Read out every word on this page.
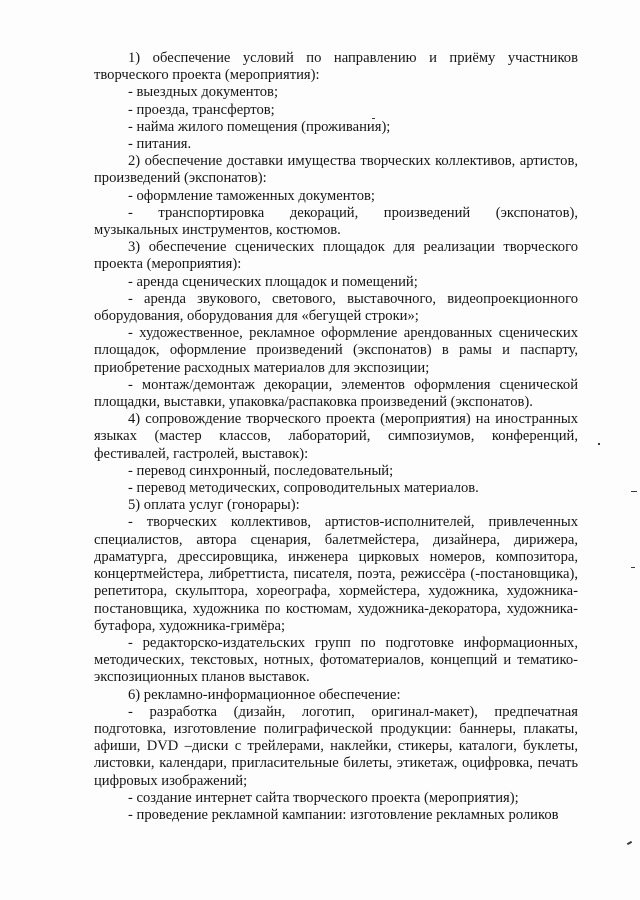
1) обеспечение условий по направлению и приёму участников творческого проекта (мероприятия):

- выездных документов;

- проезда, трансфертов;

- найма жилого помещения (проживания);

- питания.

2) обеспечение доставки имущества творческих коллективов, артистов, произведений (экспонатов):

- оформление таможенных документов;

- транспортировка декораций, произведений (экспонатов), музыкальных инструментов, костюмов.

3) обеспечение сценических площадок для реализации творческого проекта (мероприятия):

- аренда сценических площадок и помещений;

- аренда звукового, светового, выставочного, видеопроекционного оборудования, оборудования для «бегущей строки»;

- художественное, рекламное оформление арендованных сценических площадок, оформление произведений (экспонатов) в рамы и паспарту, приобретение расходных материалов для экспозиции;

- монтаж/демонтаж декорации, элементов оформления сценической площадки, выставки, упаковка/распаковка произведений (экспонатов).

4) сопровождение творческого проекта (мероприятия) на иностранных языках (мастер классов, лабораторий, симпозиумов, конференций, фестивалей, гастролей, выставок):

- перевод синхронный, последовательный;

- перевод методических, сопроводительных материалов.

5) оплата услуг (гонорары):

- творческих коллективов, артистов-исполнителей, привлеченных специалистов, автора сценария, балетмейстера, дизайнера, дирижера, драматурга, дрессировщика, инженера цирковых номеров, композитора, концертмейстера, либреттиста, писателя, поэта, режиссёра (-постановщика), репетитора, скульптора, хореографа, хормейстера, художника, художника- постановщика, художника по костюмам, художника-декоратора, художника-бутафора, художника-гримёра;

- редакторско-издательских групп по подготовке информационных, методических, текстовых, нотных, фотоматериалов, концепций и тематико-экспозиционных планов выставок.

6) рекламно-информационное обеспечение:

- разработка (дизайн, логотип, оригинал-макет), предпечатная подготовка, изготовление полиграфической продукции: баннеры, плакаты, афиши, DVD –диски с трейлерами, наклейки, стикеры, каталоги, буклеты, листовки, календари, пригласительные билеты, этикетаж, оцифровка, печать цифровых изображений;

- создание интернет сайта творческого проекта (мероприятия);

- проведение рекламной кампании: изготовление рекламных роликов
